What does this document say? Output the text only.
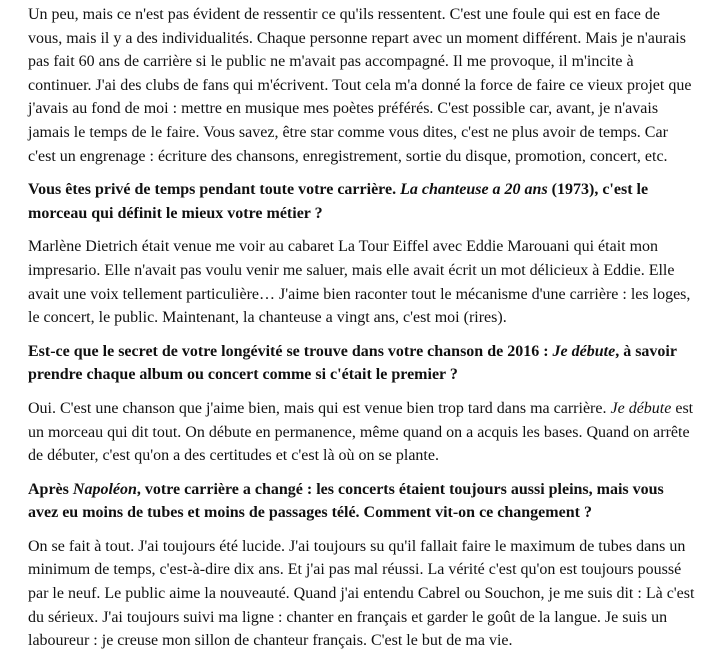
Un peu, mais ce n'est pas évident de ressentir ce qu'ils ressentent. C'est une foule qui est en face de vous, mais il y a des individualités. Chaque personne repart avec un moment différent. Mais je n'aurais pas fait 60 ans de carrière si le public ne m'avait pas accompagné. Il me provoque, il m'incite à continuer. J'ai des clubs de fans qui m'écrivent. Tout cela m'a donné la force de faire ce vieux projet que j'avais au fond de moi : mettre en musique mes poètes préférés. C'est possible car, avant, je n'avais jamais le temps de le faire. Vous savez, être star comme vous dites, c'est ne plus avoir de temps. Car c'est un engrenage : écriture des chansons, enregistrement, sortie du disque, promotion, concert, etc.

Vous êtes privé de temps pendant toute votre carrière. La chanteuse a 20 ans (1973), c'est le morceau qui définit le mieux votre métier ?

Marlène Dietrich était venue me voir au cabaret La Tour Eiffel avec Eddie Marouani qui était mon impresario. Elle n'avait pas voulu venir me saluer, mais elle avait écrit un mot délicieux à Eddie. Elle avait une voix tellement particulière… J'aime bien raconter tout le mécanisme d'une carrière : les loges, le concert, le public. Maintenant, la chanteuse a vingt ans, c'est moi (rires).

Est-ce que le secret de votre longévité se trouve dans votre chanson de 2016 : Je débute, à savoir prendre chaque album ou concert comme si c'était le premier ?

Oui. C'est une chanson que j'aime bien, mais qui est venue bien trop tard dans ma carrière. Je débute est un morceau qui dit tout. On débute en permanence, même quand on a acquis les bases. Quand on arrête de débuter, c'est qu'on a des certitudes et c'est là où on se plante.

Après Napoléon, votre carrière a changé : les concerts étaient toujours aussi pleins, mais vous avez eu moins de tubes et moins de passages télé. Comment vit-on ce changement ?

On se fait à tout. J'ai toujours été lucide. J'ai toujours su qu'il fallait faire le maximum de tubes dans un minimum de temps, c'est-à-dire dix ans. Et j'ai pas mal réussi. La vérité c'est qu'on est toujours poussé par le neuf. Le public aime la nouveauté. Quand j'ai entendu Cabrel ou Souchon, je me suis dit : Là c'est du sérieux. J'ai toujours suivi ma ligne : chanter en français et garder le goût de la langue. Je suis un laboureur : je creuse mon sillon de chanteur français. C'est le but de ma vie.
